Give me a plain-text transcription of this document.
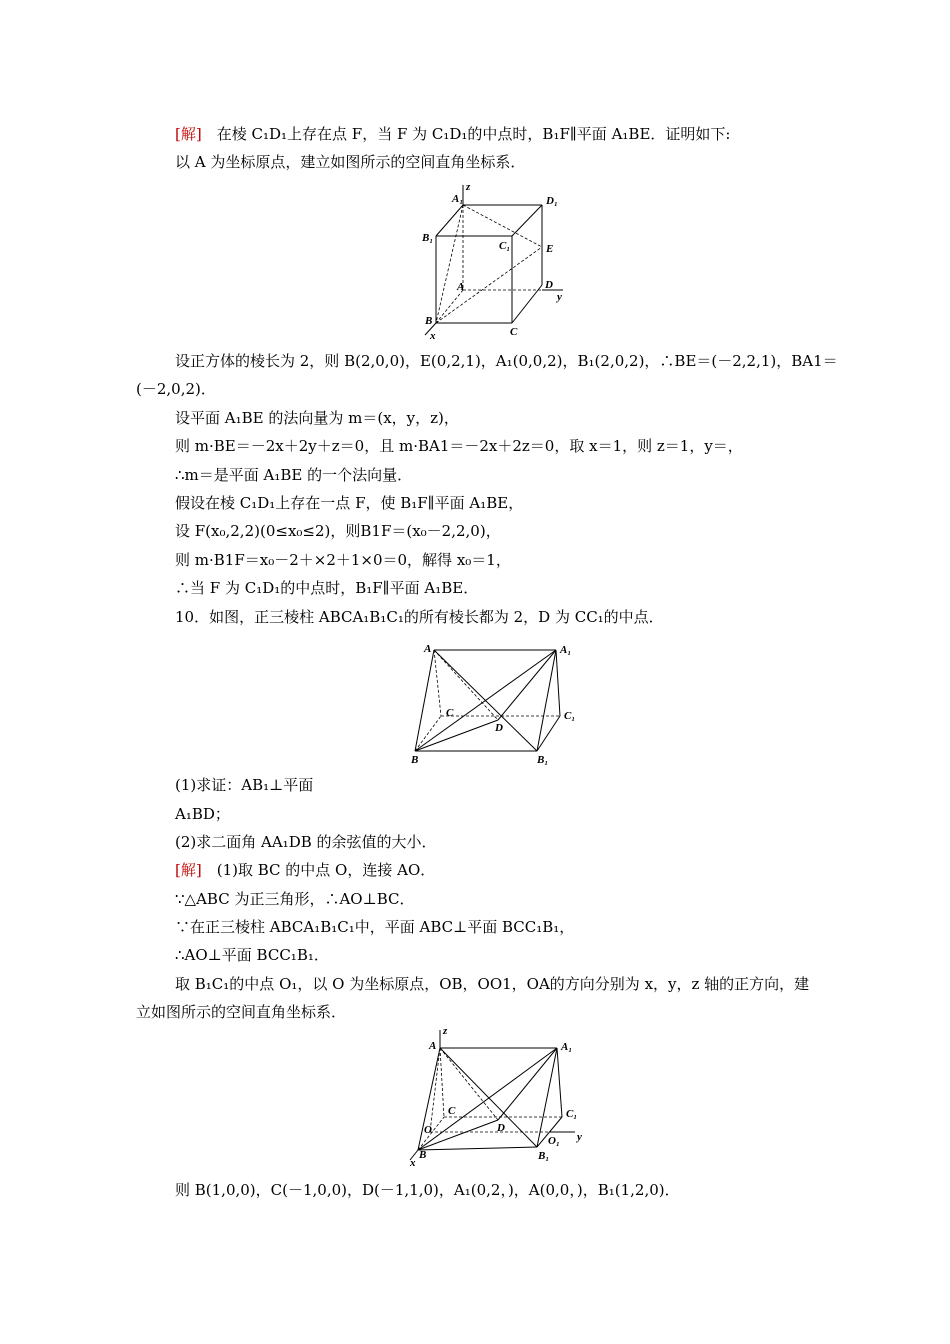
[解]  在棱 C₁D₁上存在点 F，当 F 为 C₁D₁的中点时，B₁F∥平面 A₁BE．证明如下:
以 A 为坐标原点，建立如图所示的空间直角坐标系．
设正方体的棱长为 2，则 B(2,0,0)，E(0,2,1)，A₁(0,0,2)，B₁(2,0,2)，∴BE＝(－2,2,1)，BA1＝
(－2,0,2)．
设平面 A₁BE 的法向量为 m＝(x，y，z)，
则 m·BE＝－2x＋2y＋z＝0，且 m·BA1＝－2x＋2z＝0，取 x＝1，则 z＝1，y＝，
∴m＝是平面 A₁BE 的一个法向量．
假设在棱 C₁D₁上存在一点 F，使 B₁F∥平面 A₁BE，
设 F(x₀,2,2)(0≤x₀≤2)，则B1F＝(x₀－2,2,0)，
则 m·B1F＝x₀－2＋×2＋1×0＝0，解得 x₀＝1，
∴当 F 为 C₁D₁的中点时，B₁F∥平面 A₁BE．
10．如图，正三棱柱 ABCA₁B₁C₁的所有棱长都为 2，D 为 CC₁的中点．
(1)求证：AB₁⊥平面
A₁BD；
(2)求二面角 AA₁DB 的余弦值的大小．
[解]  (1)取 BC 的中点 O，连接 AO．
∵△ABC 为正三角形，∴AO⊥BC．
∵在正三棱柱 ABCA₁B₁C₁中，平面 ABC⊥平面 BCC₁B₁，
∴AO⊥平面 BCC₁B₁．
取 B₁C₁的中点 O₁，以 O 为坐标原点，OB，OO1，OA的方向分别为 x，y，z 轴的正方向，建
立如图所示的空间直角坐标系．
则 B(1,0,0)，C(－1,0,0)，D(－1,1,0)，A₁(0,2，)，A(0,0，)，B₁(1,2,0)．
A₁	D₁
B₁
C₁	E
A	D
B
C
x
y
z
A	A₁
C	C₁
D
B	B₁
z
A	A₁
C	C₁
O	D
O₁ y
B	B₁
x
